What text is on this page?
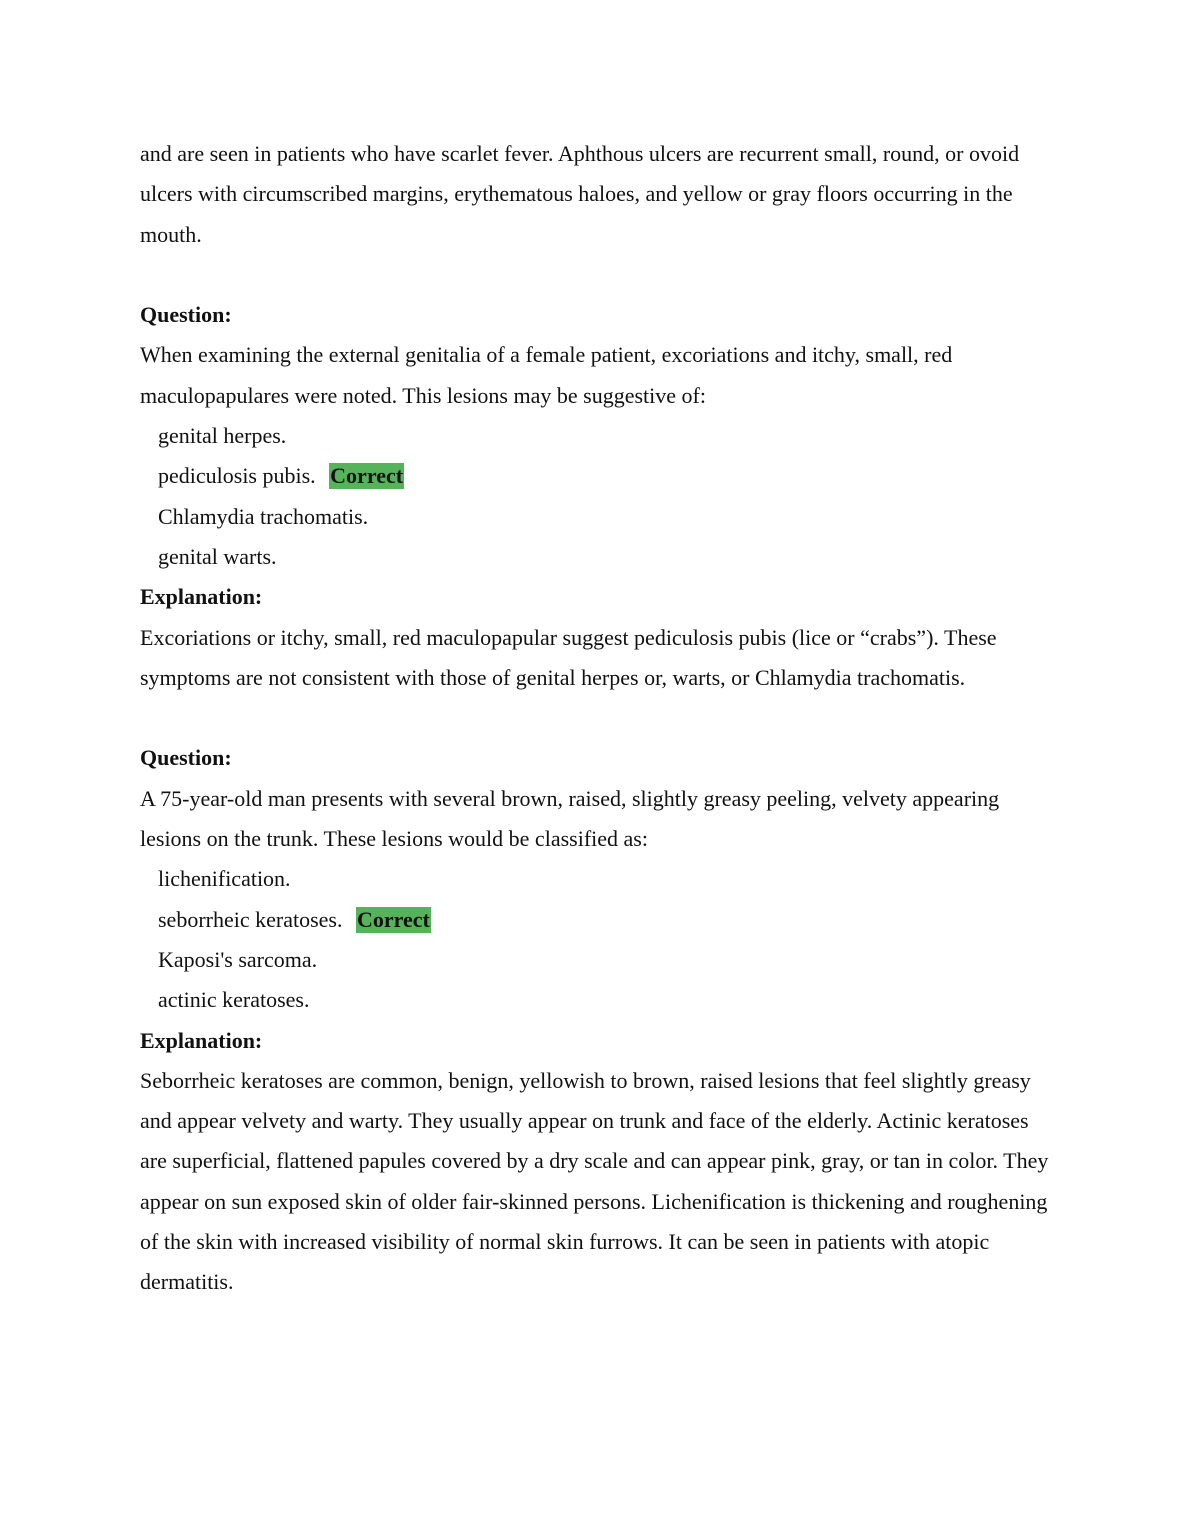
and are seen in patients who have scarlet fever. Aphthous ulcers are recurrent small, round, or ovoid ulcers with circumscribed margins, erythematous haloes, and yellow or gray floors occurring in the mouth.

Question:

When examining the external genitalia of a female patient, excoriations and itchy, small, red maculopapulares were noted. This lesions may be suggestive of:

genital herpes.
pediculosis pubis. Correct
Chlamydia trachomatis.
genital warts.

Explanation:

Excoriations or itchy, small, red maculopapular suggest pediculosis pubis (lice or “crabs”). These symptoms are not consistent with those of genital herpes or, warts, or Chlamydia trachomatis.

Question:

A 75-year-old man presents with several brown, raised, slightly greasy peeling, velvety appearing lesions on the trunk. These lesions would be classified as:

lichenification.
seborrheic keratoses. Correct
Kaposi's sarcoma.
actinic keratoses.

Explanation:

Seborrheic keratoses are common, benign, yellowish to brown, raised lesions that feel slightly greasy and appear velvety and warty. They usually appear on trunk and face of the elderly. Actinic keratoses are superficial, flattened papules covered by a dry scale and can appear pink, gray, or tan in color. They appear on sun exposed skin of older fair-skinned persons. Lichenification is thickening and roughening of the skin with increased visibility of normal skin furrows. It can be seen in patients with atopic dermatitis.
